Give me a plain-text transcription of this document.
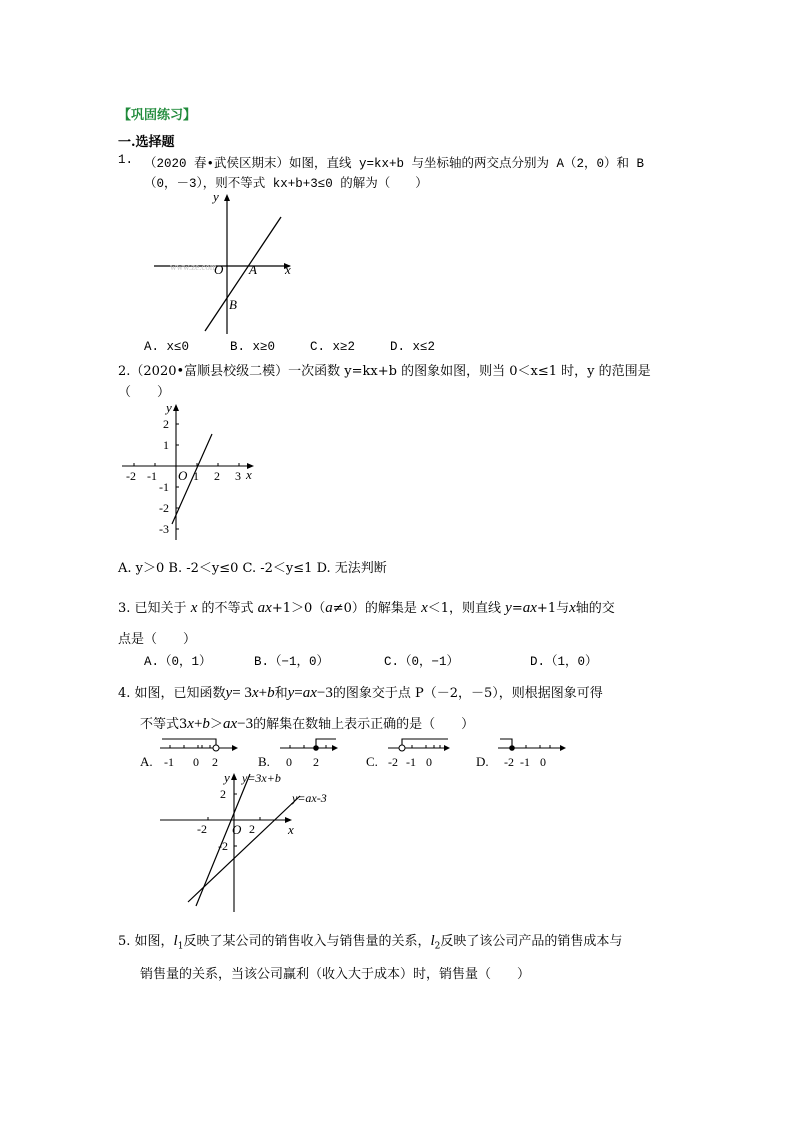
【巩固练习】
一.选择题
1. （2020 春•武侯区期末）如图，直线 y=kx+b 与坐标轴的两交点分别为 A（2，0）和 B
（0，－3），则不等式 kx+b+3≤0 的解为（　　）
www.ze.com
y
x
O A
B
A. x≤0	B. x≥0	C. x≥2	D. x≤2
2.（2020•富顺县校级二模）一次函数 y=kx+b 的图象如图，则当 0＜x≤1 时，y 的范围是
（　　）
y
x
O
-2 -1	1 2 3
2
1
-1
-2
-3
A. y＞0 B. -2＜y≤0 C. -2＜y≤1 D. 无法判断
3. 已知关于 x 的不等式 ax+1＞0（a≠0）的解集是 x＜1，则直线 y=ax+1与x轴的交
点是（　　）
A.（0，1）	B.（−1，0）	C.（0，−1）	D.（1，0）
4. 如图，已知函数y= 3x+b和y=ax−3的图象交于点 P（－2，－5），则根据图象可得
不等式3x+b＞ax−3的解集在数轴上表示正确的是（　　）
A. -1 0 2	B. 0 2	C. -2 -1 0	D. -2 -1 0
y=3x+b
y=ax-3
y
x
O
-2	2
2
-2
5. 如图，$l_1$反映了某公司的销售收入与销售量的关系，$l_2$反映了该公司产品的销售成本与
销售量的关系，当该公司赢利（收入大于成本）时，销售量（　　）
